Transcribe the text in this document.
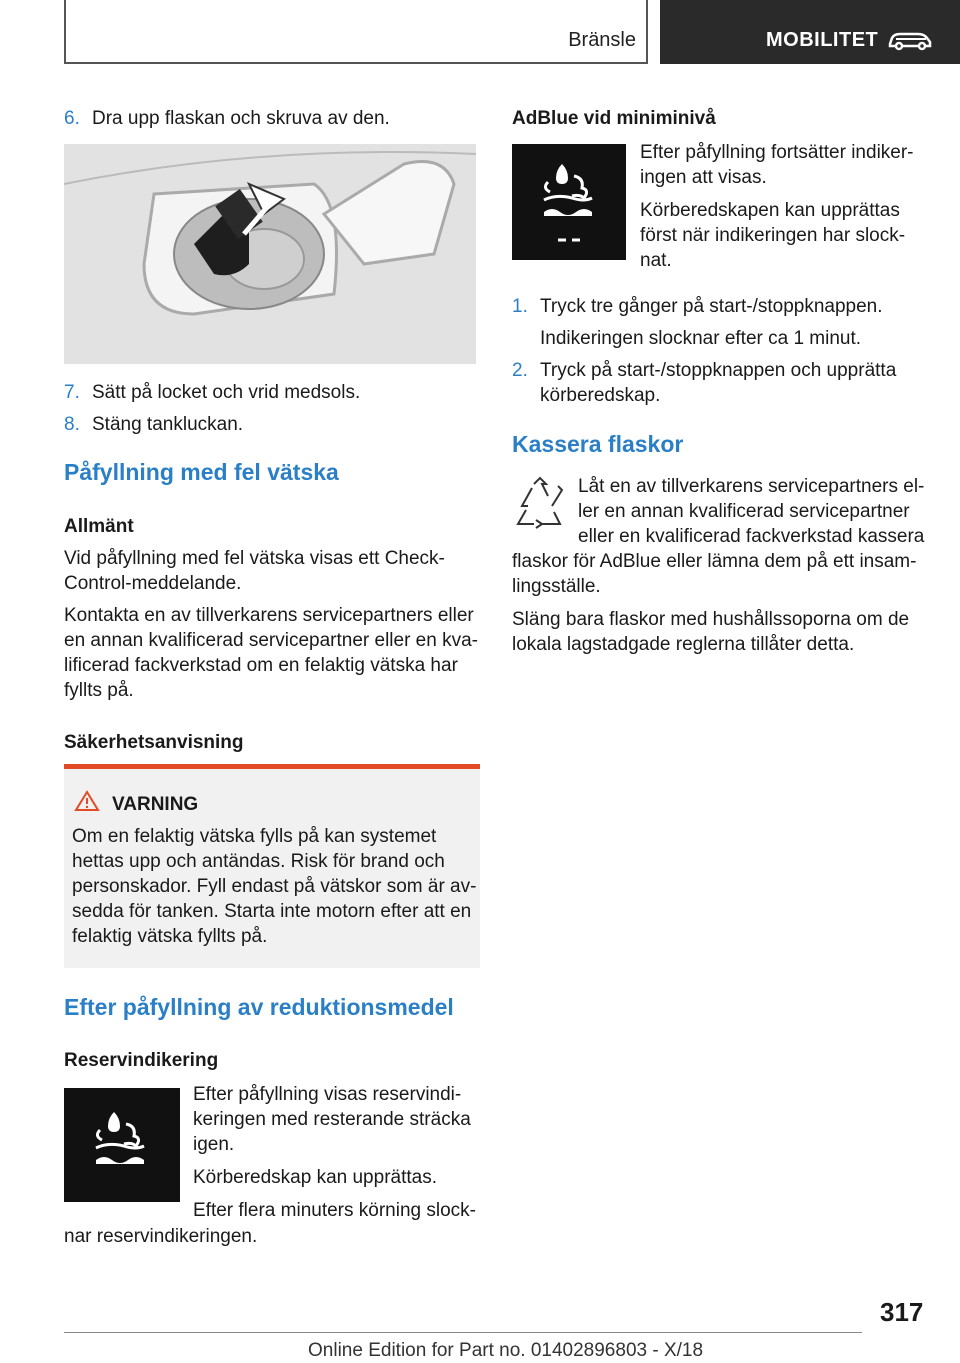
Bränsle	MOBILITET
6. Dra upp flaskan och skruva av den.
7. Sätt på locket och vrid medsols.
8. Stäng tankluckan.
Påfyllning med fel vätska
Allmänt
Vid påfyllning med fel vätska visas ett Check-
Control-meddelande.
Kontakta en av tillverkarens servicepartners eller
en annan kvalificerad servicepartner eller en kva-
lificerad fackverkstad om en felaktig vätska har
fyllts på.
Säkerhetsanvisning
VARNING
Om en felaktig vätska fylls på kan systemet
hettas upp och antändas. Risk för brand och
personskador. Fyll endast på vätskor som är av-
sedda för tanken. Starta inte motorn efter att en
felaktig vätska fyllts på.
Efter påfyllning av reduktionsmedel
Reservindikering
Efter påfyllning visas reservindi-
keringen med resterande sträcka
igen.
Körberedskap kan upprättas.
Efter flera minuters körning slock-
nar reservindikeringen.
AdBlue vid miniminivå
Efter påfyllning fortsätter indiker-
ingen att visas.
Körberedskapen kan upprättas
först när indikeringen har slock-
nat.
1. Tryck tre gånger på start-/stoppknappen.
Indikeringen slocknar efter ca 1 minut.
2. Tryck på start-/stoppknappen och upprätta
körberedskap.
Kassera flaskor
Låt en av tillverkarens servicepartners el-
ler en annan kvalificerad servicepartner
eller en kvalificerad fackverkstad kassera
flaskor för AdBlue eller lämna dem på ett insam-
lingsställe.
Släng bara flaskor med hushållssoporna om de
lokala lagstadgade reglerna tillåter detta.
317
Online Edition for Part no. 01402896803 - X/18
